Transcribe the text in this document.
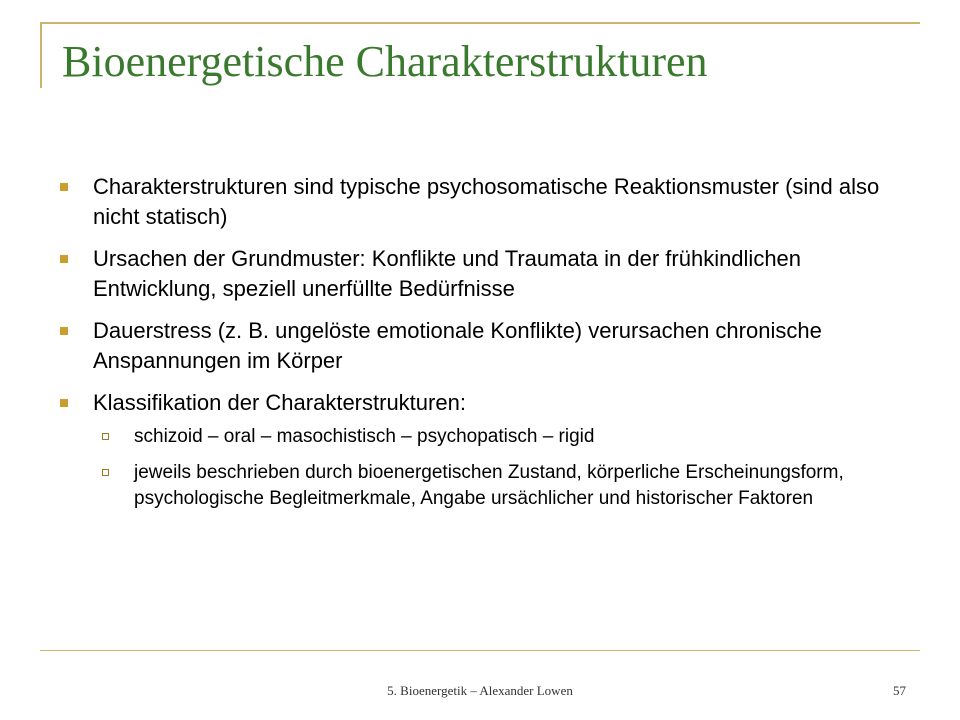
Bioenergetische Charakterstrukturen
Charakterstrukturen sind typische psychosomatische Reaktionsmuster (sind also nicht statisch)
Ursachen der Grundmuster: Konflikte und Traumata in der frühkindlichen Entwicklung, speziell unerfüllte Bedürfnisse
Dauerstress (z. B. ungelöste emotionale Konflikte) verursachen chronische Anspannungen im Körper
Klassifikation der Charakterstrukturen:
schizoid – oral – masochistisch – psychopatisch – rigid
jeweils beschrieben durch bioenergetischen Zustand, körperliche Erscheinungsform, psychologische Begleitmerkmale, Angabe ursächlicher und historischer Faktoren
5. Bioenergetik – Alexander Lowen	57
